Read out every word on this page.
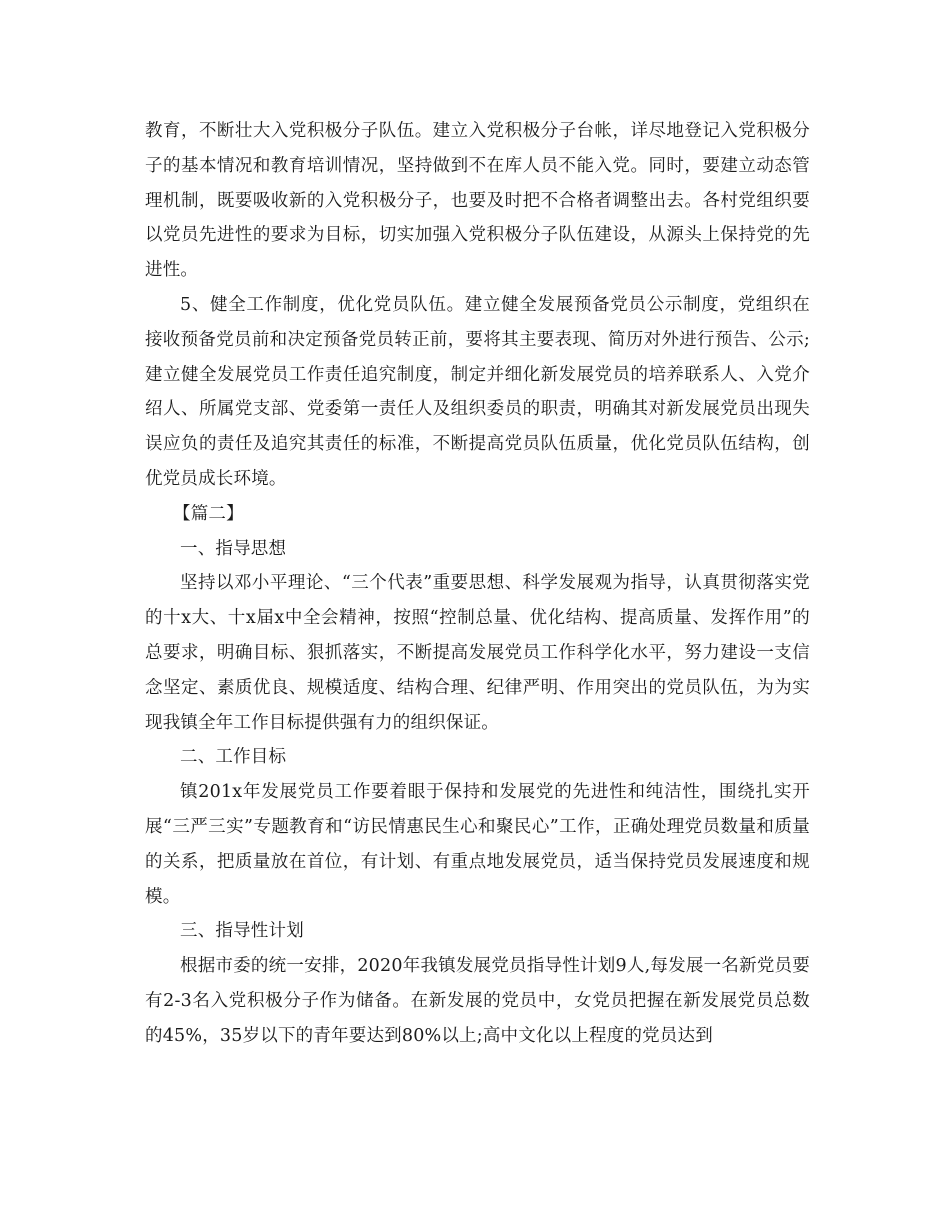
教育，不断壮大入党积极分子队伍。建立入党积极分子台帐，详尽地登记入党积极分子的基本情况和教育培训情况，坚持做到不在库人员不能入党。同时，要建立动态管理机制，既要吸收新的入党积极分子，也要及时把不合格者调整出去。各村党组织要以党员先进性的要求为目标，切实加强入党积极分子队伍建设，从源头上保持党的先进性。

5、健全工作制度，优化党员队伍。建立健全发展预备党员公示制度，党组织在接收预备党员前和决定预备党员转正前，要将其主要表现、简历对外进行预告、公示;建立健全发展党员工作责任追究制度，制定并细化新发展党员的培养联系人、入党介绍人、所属党支部、党委第一责任人及组织委员的职责，明确其对新发展党员出现失误应负的责任及追究其责任的标准，不断提高党员队伍质量，优化党员队伍结构，创优党员成长环境。

【篇二】

一、指导思想

坚持以邓小平理论、“三个代表”重要思想、科学发展观为指导，认真贯彻落实党的十x大、十x届x中全会精神，按照“控制总量、优化结构、提高质量、发挥作用”的总要求，明确目标、狠抓落实，不断提高发展党员工作科学化水平，努力建设一支信念坚定、素质优良、规模适度、结构合理、纪律严明、作用突出的党员队伍，为为实现我镇全年工作目标提供强有力的组织保证。

二、工作目标

镇201x年发展党员工作要着眼于保持和发展党的先进性和纯洁性，围绕扎实开展“三严三实”专题教育和“访民情惠民生心和聚民心”工作，正确处理党员数量和质量的关系，把质量放在首位，有计划、有重点地发展党员，适当保持党员发展速度和规模。

三、指导性计划

根据市委的统一安排，2020年我镇发展党员指导性计划9人,每发展一名新党员要有2-3名入党积极分子作为储备。在新发展的党员中，女党员把握在新发展党员总数的45%，35岁以下的青年要达到80%以上;高中文化以上程度的党员达到
